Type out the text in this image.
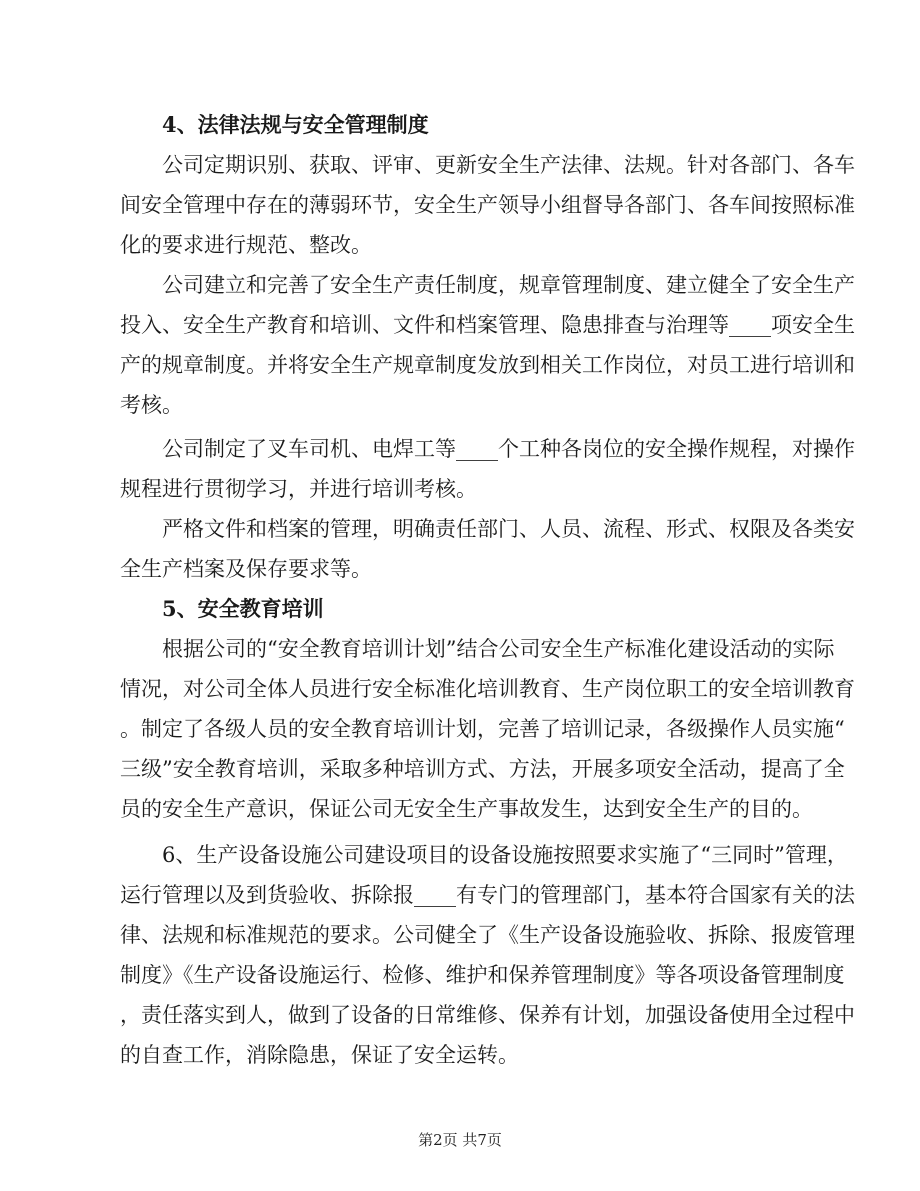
4、法律法规与安全管理制度
公司定期识别、获取、评审、更新安全生产法律、法规。针对各部门、各车
间安全管理中存在的薄弱环节，安全生产领导小组督导各部门、各车间按照标准
化的要求进行规范、整改。
公司建立和完善了安全生产责任制度，规章管理制度、建立健全了安全生产
投入、安全生产教育和培训、文件和档案管理、隐患排查与治理等____项安全生
产的规章制度。并将安全生产规章制度发放到相关工作岗位，对员工进行培训和
考核。
公司制定了叉车司机、电焊工等____个工种各岗位的安全操作规程，对操作
规程进行贯彻学习，并进行培训考核。
严格文件和档案的管理，明确责任部门、人员、流程、形式、权限及各类安
全生产档案及保存要求等。
5、安全教育培训
根据公司的“安全教育培训计划”结合公司安全生产标准化建设活动的实际
情况，对公司全体人员进行安全标准化培训教育、生产岗位职工的安全培训教育
。制定了各级人员的安全教育培训计划，完善了培训记录，各级操作人员实施“
三级”安全教育培训，采取多种培训方式、方法，开展多项安全活动，提高了全
员的安全生产意识，保证公司无安全生产事故发生，达到安全生产的目的。
6、生产设备设施公司建设项目的设备设施按照要求实施了“三同时”管理，
运行管理以及到货验收、拆除报____有专门的管理部门，基本符合国家有关的法
律、法规和标准规范的要求。公司健全了《生产设备设施验收、拆除、报废管理
制度》《生产设备设施运行、检修、维护和保养管理制度》等各项设备管理制度
，责任落实到人，做到了设备的日常维修、保养有计划，加强设备使用全过程中
的自查工作，消除隐患，保证了安全运转。
第2页 共7页
